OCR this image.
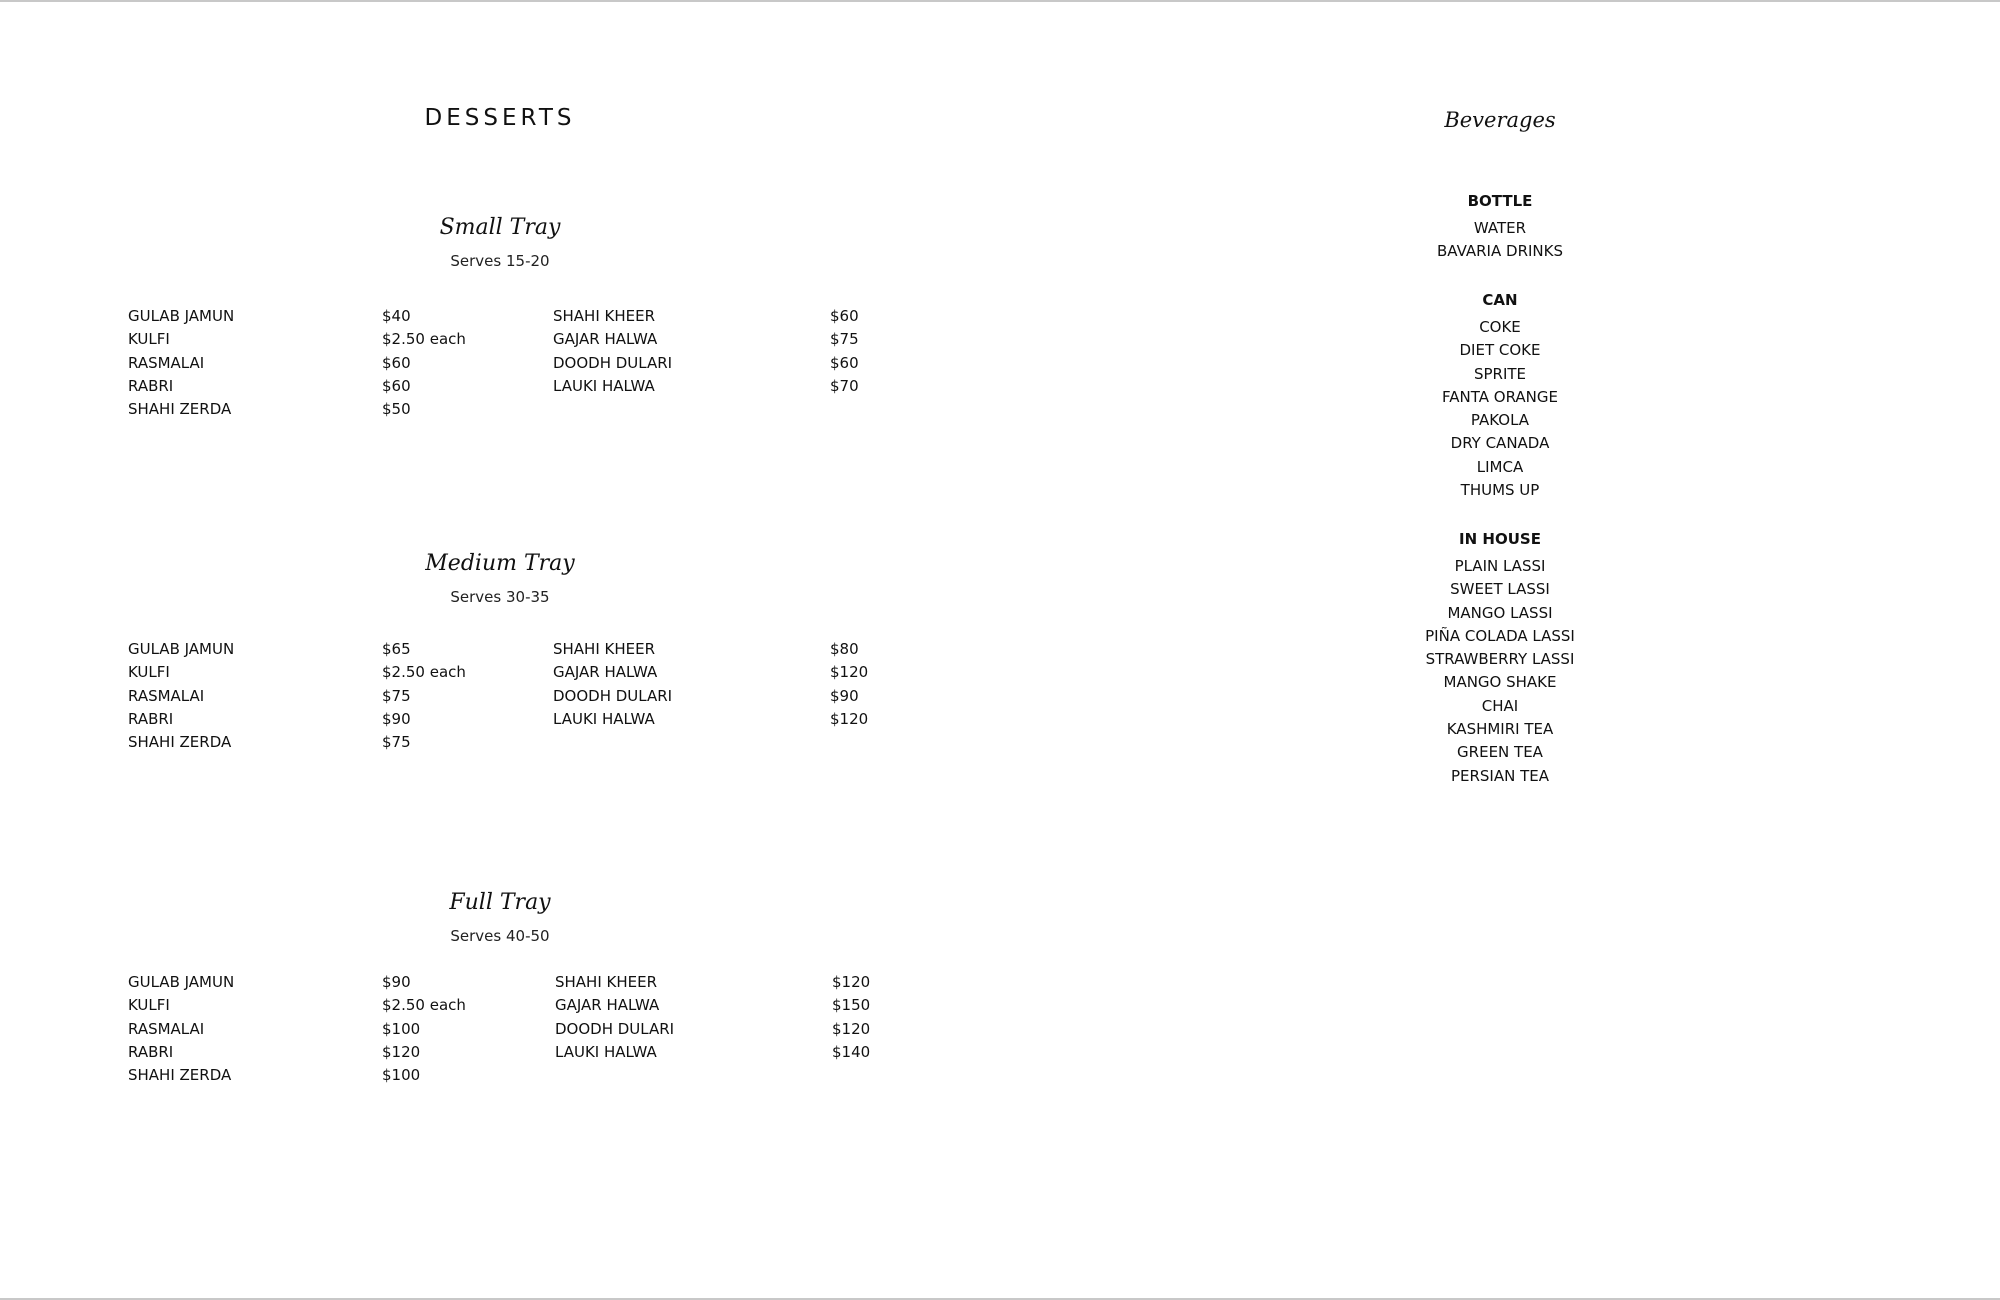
DESSERTS
Small Tray
Serves 15-20
GULAB JAMUN	$40
KULFI	$2.50 each
RASMALAI	$60
RABRI	$60
SHAHI ZERDA	$50
SHAHI KHEER	$60
GAJAR HALWA	$75
DOODH DULARI	$60
LAUKI HALWA	$70
Medium Tray
Serves 30-35
GULAB JAMUN	$65
KULFI	$2.50 each
RASMALAI	$75
RABRI	$90
SHAHI ZERDA	$75
SHAHI KHEER	$80
GAJAR HALWA	$120
DOODH DULARI	$90
LAUKI HALWA	$120
Full Tray
Serves 40-50
GULAB JAMUN	$90
KULFI	$2.50 each
RASMALAI	$100
RABRI	$120
SHAHI ZERDA	$100
SHAHI KHEER	$120
GAJAR HALWA	$150
DOODH DULARI	$120
LAUKI HALWA	$140
Beverages
BOTTLE
WATER
BAVARIA DRINKS
CAN
COKE
DIET COKE
SPRITE
FANTA ORANGE
PAKOLA
DRY CANADA
LIMCA
THUMS UP
IN HOUSE
PLAIN LASSI
SWEET LASSI
MANGO LASSI
PIÑA COLADA LASSI
STRAWBERRY LASSI
MANGO SHAKE
CHAI
KASHMIRI TEA
GREEN TEA
PERSIAN TEA
